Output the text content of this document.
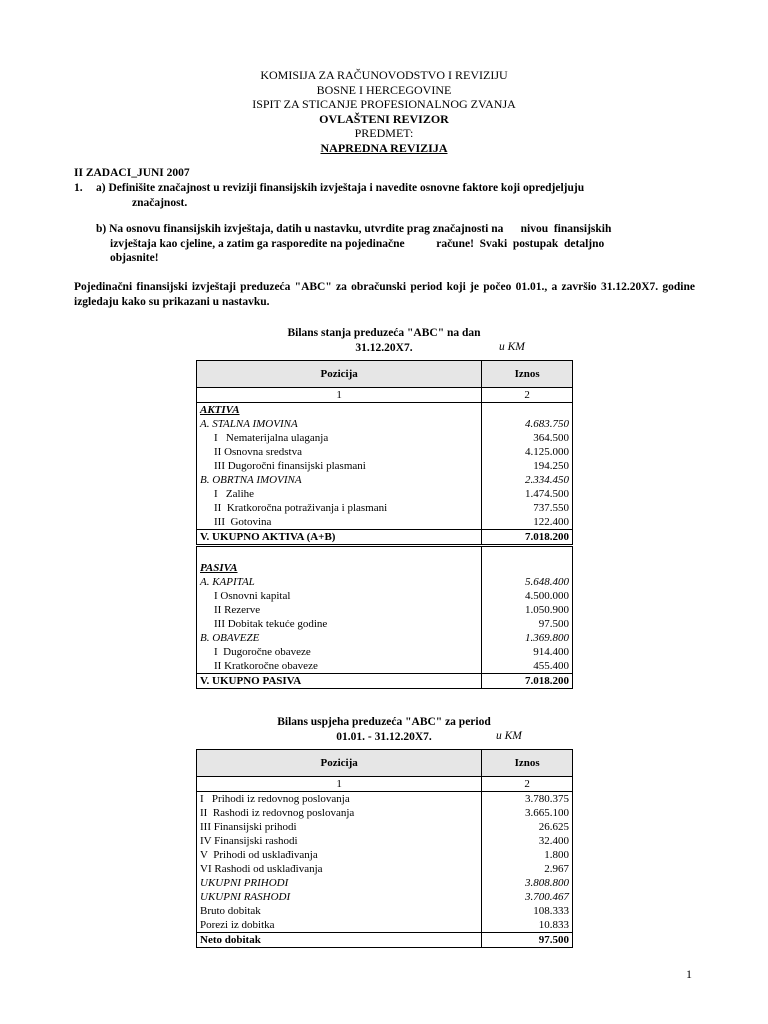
KOMISIJA ZA RAČUNOVODSTVO I REVIZIJU
BOSNE I HERCEGOVINE
ISPIT ZA STICANJE PROFESIONALNOG ZVANJA
OVLAŠTENI REVIZOR
PREDMET:
NAPREDNA REVIZIJA
II ZADACI_JUNI 2007
1. a) Definišite značajnost u reviziji finansijskih izvještaja i navedite osnovne faktore koji opredjeljuju
značajnost.
b) Na osnovu finansijskih izvještaja, datih u nastavku, utvrdite prag značajnosti na      nivou  finansijskih
izvještaja kao cjeline, a zatim ga rasporedite na pojedinačne           račune!  Svaki  postupak  detaljno
objasnite!
Pojedinačni finansijski izvještaji preduzeća "ABC" za obračunski period koji je počeo 01.01., a završio 31.12.20X7. godine izgledaju kako su prikazani u nastavku.
Bilans stanja preduzeća "ABC" na dan
31.12.20X7.	u KM
Pozicija	Iznos
1	2
AKTIVA	
A. STALNA IMOVINA	4.683.750
I   Nematerijalna ulaganja	364.500
II Osnovna sredstva	4.125.000
III Dugoročni finansijski plasmani	194.250
B. OBRTNA IMOVINA	2.334.450
I   Zalihe	1.474.500
II  Kratkoročna potraživanja i plasmani	737.550
III  Gotovina	122.400
V. UKUPNO AKTIVA (A+B)	7.018.200

PASIVA	
A. KAPITAL	5.648.400
I Osnovni kapital	4.500.000
II Rezerve	1.050.900
III Dobitak tekuće godine	97.500
B. OBAVEZE	1.369.800
I  Dugoročne obaveze	914.400
II Kratkoročne obaveze	455.400
V. UKUPNO PASIVA	7.018.200
Bilans uspjeha preduzeća "ABC" za period
01.01. - 31.12.20X7.	u KM
Pozicija	Iznos
1	2
I   Prihodi iz redovnog poslovanja	3.780.375
II  Rashodi iz redovnog poslovanja	3.665.100
III Finansijski prihodi	26.625
IV Finansijski rashodi	32.400
V  Prihodi od usklađivanja	1.800
VI Rashodi od usklađivanja	2.967
UKUPNI PRIHODI	3.808.800
UKUPNI RASHODI	3.700.467
Bruto dobitak	108.333
Porezi iz dobitka	10.833
Neto dobitak	97.500
1
